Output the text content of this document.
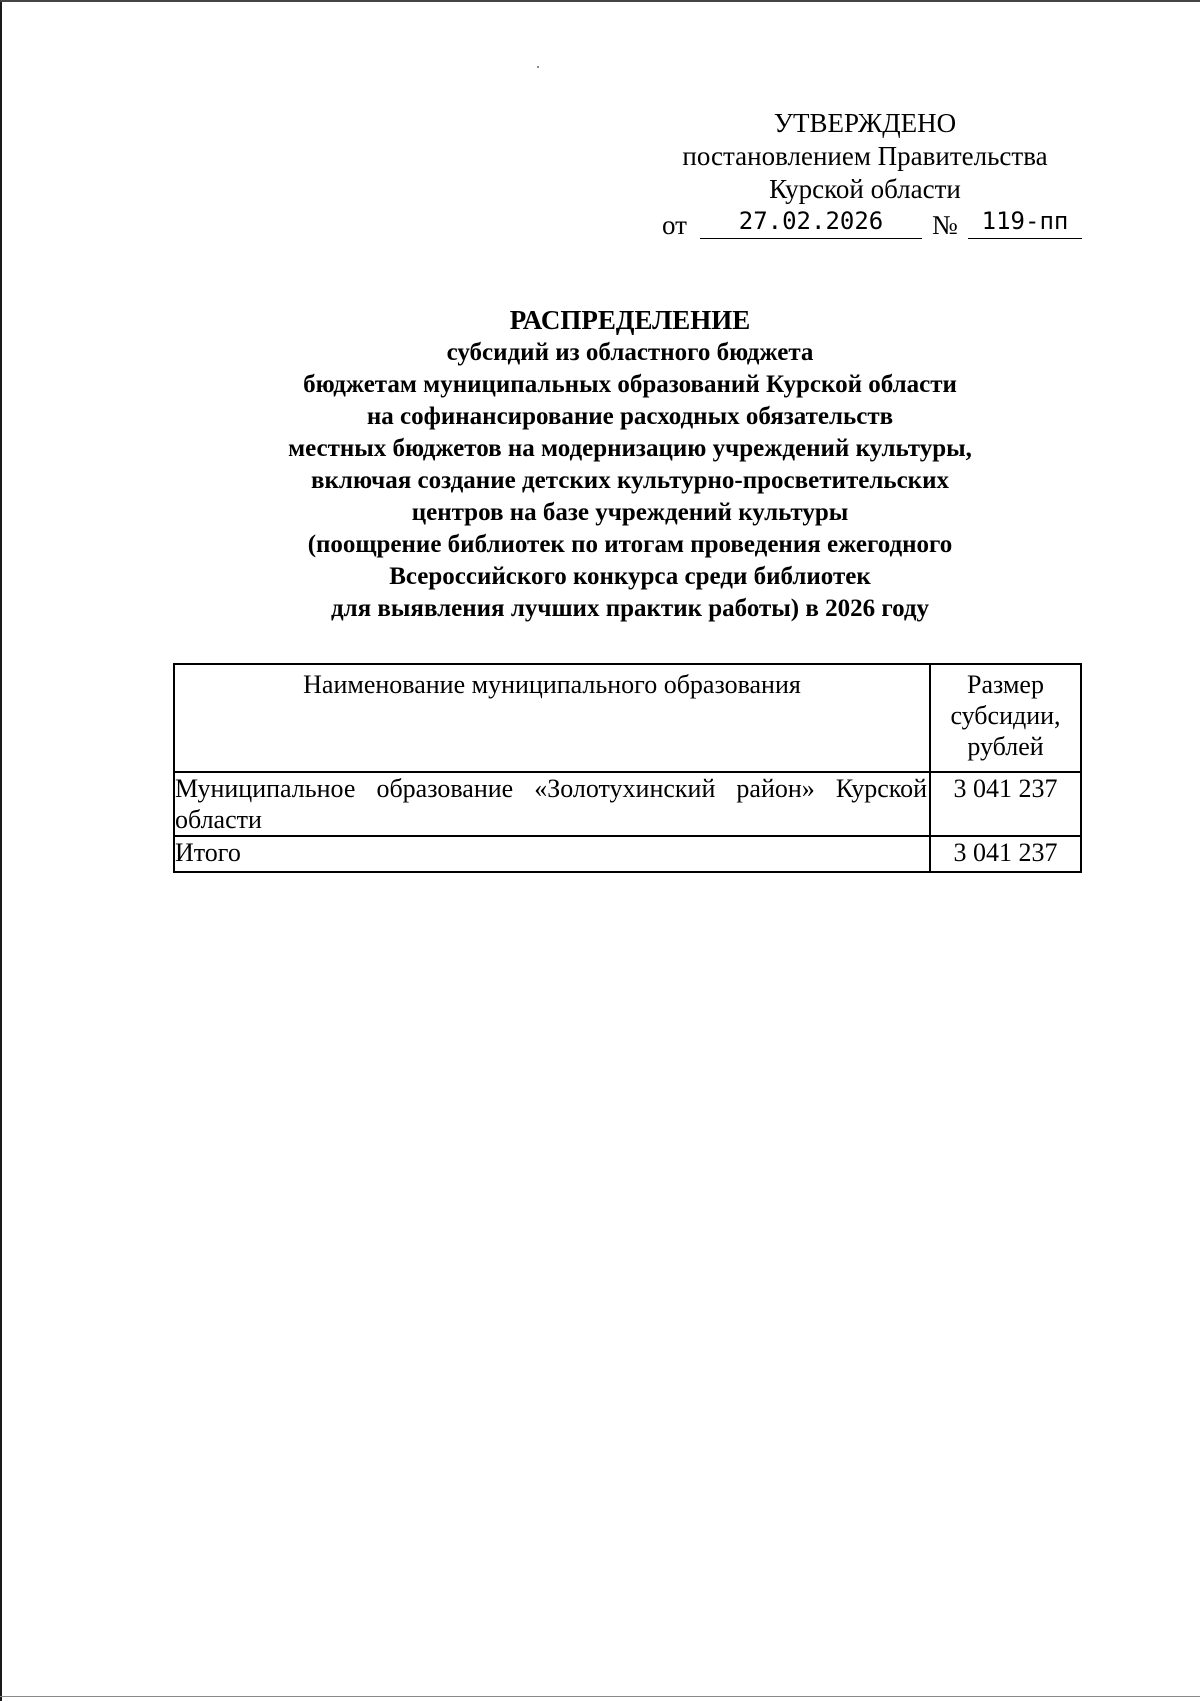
УТВЕРЖДЕНО
постановлением Правительства
Курской области
от	27.02.2026	№ 119-пп
РАСПРЕДЕЛЕНИЕ
субсидий из областного бюджета
бюджетам муниципальных образований Курской области
на софинансирование расходных обязательств
местных бюджетов на модернизацию учреждений культуры,
включая создание детских культурно-просветительских
центров на базе учреждений культуры
(поощрение библиотек по итогам проведения ежегодного
Всероссийского конкурса среди библиотек
для выявления лучших практик работы) в 2026 году
Наименование муниципального образования	Размер субсидии, рублей
Муниципальное образование «Золотухинский район» Курской области	3 041 237
Итого	3 041 237
